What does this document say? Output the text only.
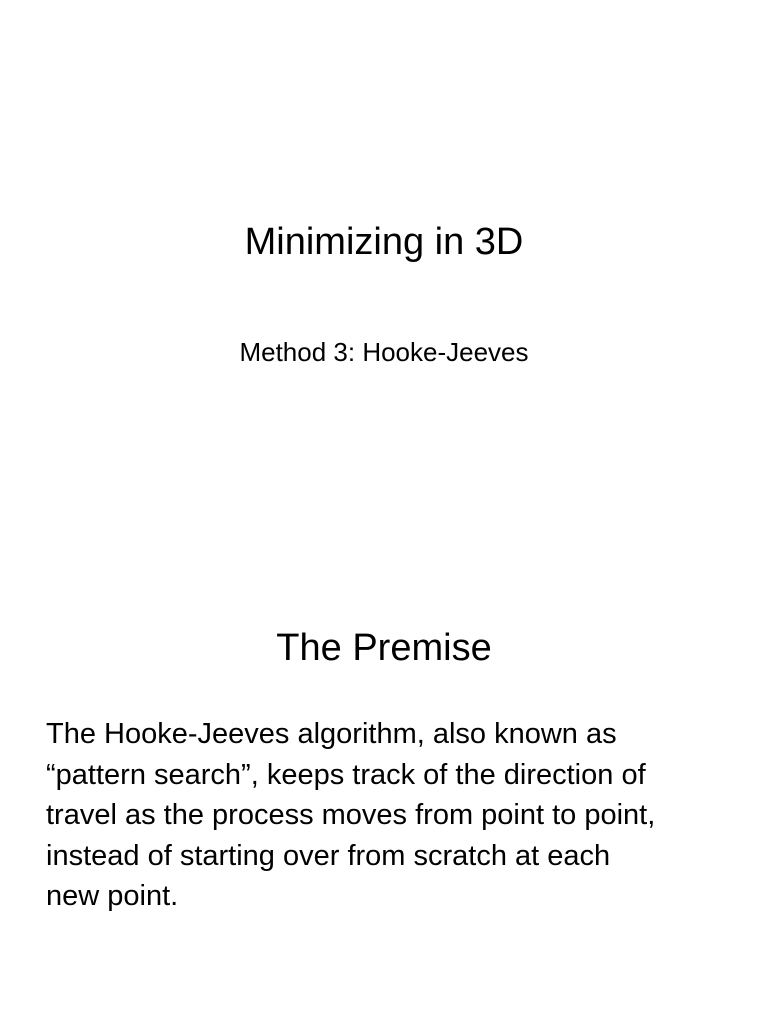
Minimizing in 3D

Method 3: Hooke-Jeeves

The Premise

The Hooke-Jeeves algorithm, also known as
“pattern search”, keeps track of the direction of
travel as the process moves from point to point,
instead of starting over from scratch at each
new point.
